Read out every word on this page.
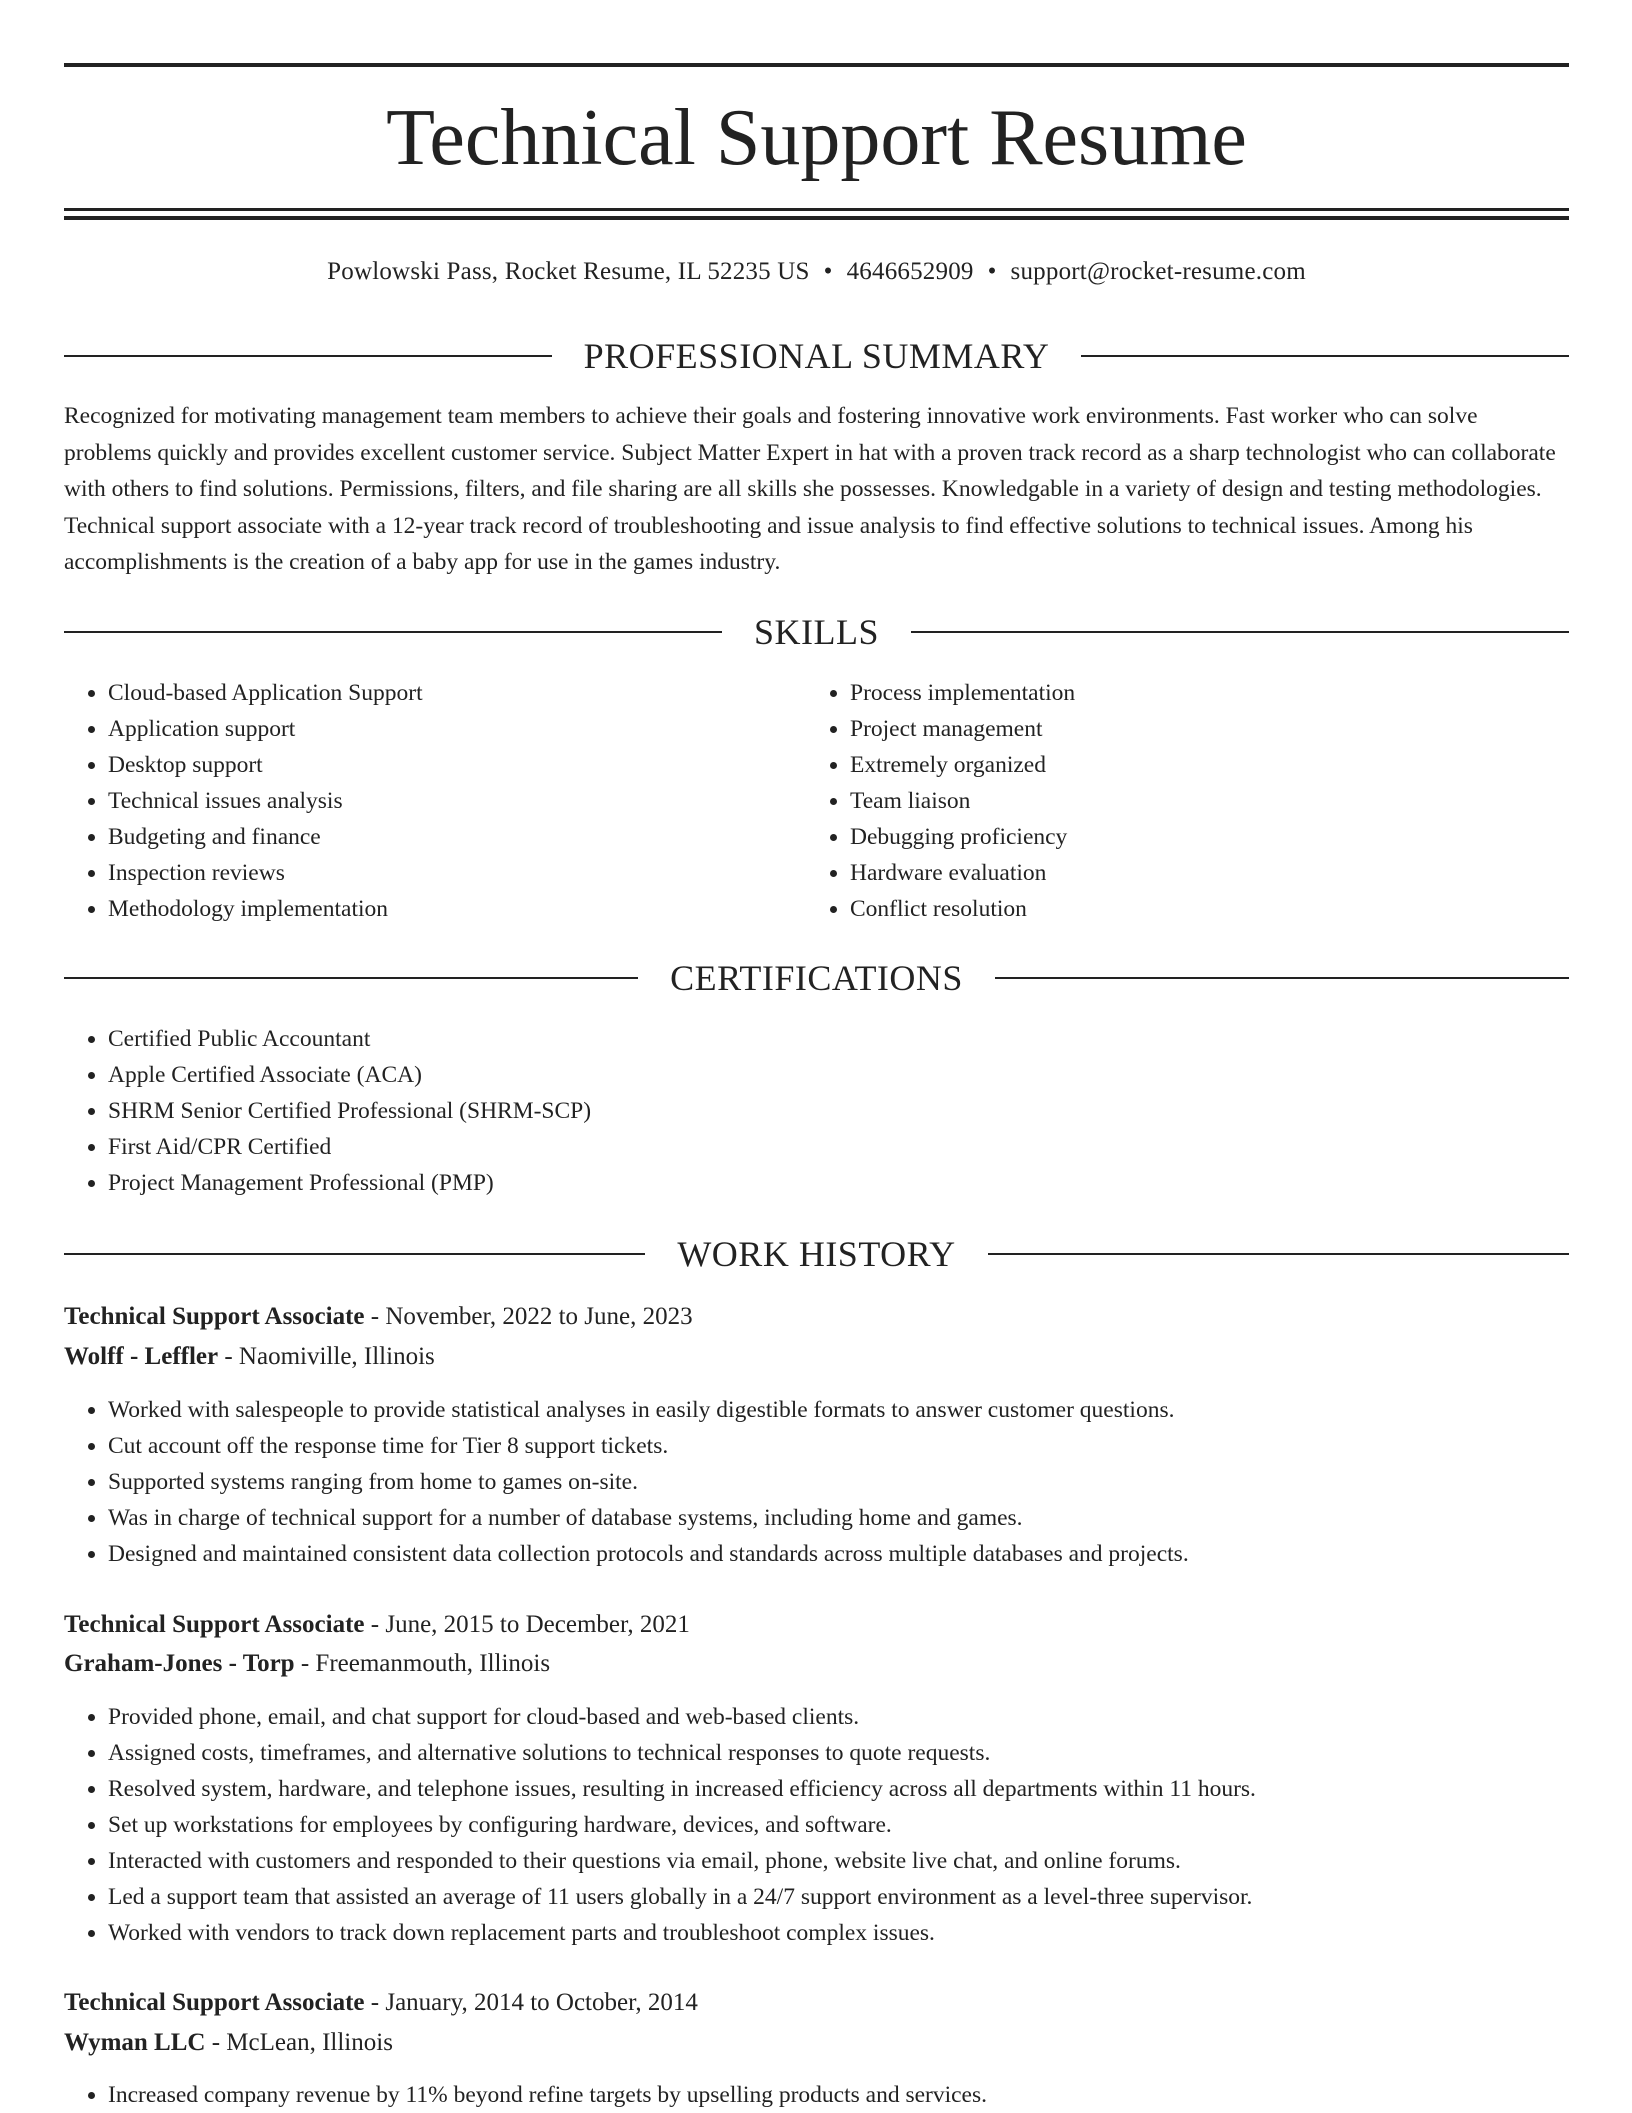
Technical Support Resume
Powlowski Pass, Rocket Resume, IL 52235 US • 4646652909 • support@rocket-resume.com
PROFESSIONAL SUMMARY

Recognized for motivating management team members to achieve their goals and fostering innovative work environments. Fast worker who can solve problems quickly and provides excellent customer service. Subject Matter Expert in hat with a proven track record as a sharp technologist who can collaborate with others to find solutions. Permissions, filters, and file sharing are all skills she possesses. Knowledgable in a variety of design and testing methodologies. Technical support associate with a 12-year track record of troubleshooting and issue analysis to find effective solutions to technical issues. Among his accomplishments is the creation of a baby app for use in the games industry.

SKILLS
• Cloud-based Application Support
• Application support
• Desktop support
• Technical issues analysis
• Budgeting and finance
• Inspection reviews
• Methodology implementation
• Process implementation
• Project management
• Extremely organized
• Team liaison
• Debugging proficiency
• Hardware evaluation
• Conflict resolution
CERTIFICATIONS
• Certified Public Accountant
• Apple Certified Associate (ACA)
• SHRM Senior Certified Professional (SHRM-SCP)
• First Aid/CPR Certified
• Project Management Professional (PMP)
WORK HISTORY
Technical Support Associate - November, 2022 to June, 2023
Wolff - Leffler - Naomiville, Illinois
• Worked with salespeople to provide statistical analyses in easily digestible formats to answer customer questions.
• Cut account off the response time for Tier 8 support tickets.
• Supported systems ranging from home to games on-site.
• Was in charge of technical support for a number of database systems, including home and games.
• Designed and maintained consistent data collection protocols and standards across multiple databases and projects.
Technical Support Associate - June, 2015 to December, 2021
Graham-Jones - Torp - Freemanmouth, Illinois
• Provided phone, email, and chat support for cloud-based and web-based clients.
• Assigned costs, timeframes, and alternative solutions to technical responses to quote requests.
• Resolved system, hardware, and telephone issues, resulting in increased efficiency across all departments within 11 hours.
• Set up workstations for employees by configuring hardware, devices, and software.
• Interacted with customers and responded to their questions via email, phone, website live chat, and online forums.
• Led a support team that assisted an average of 11 users globally in a 24/7 support environment as a level-three supervisor.
• Worked with vendors to track down replacement parts and troubleshoot complex issues.
Technical Support Associate - January, 2014 to October, 2014
Wyman LLC - McLean, Illinois
• Increased company revenue by 11% beyond refine targets by upselling products and services.
